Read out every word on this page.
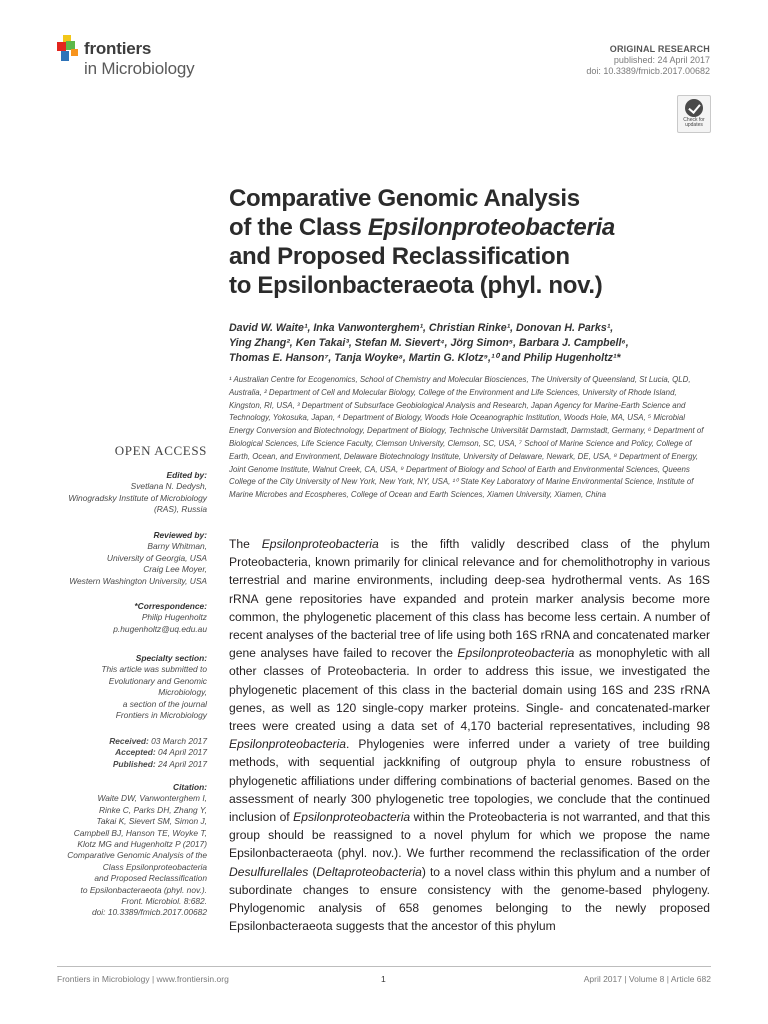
frontiers
in Microbiology
ORIGINAL RESEARCH
published: 24 April 2017
doi: 10.3389/fmicb.2017.00682
Check for updates
Comparative Genomic Analysis
of the Class Epsilonproteobacteria
and Proposed Reclassification
to Epsilonbacteraeota (phyl. nov.)
David W. Waite¹, Inka Vanwonterghem¹, Christian Rinke¹, Donovan H. Parks¹,
Ying Zhang², Ken Takai³, Stefan M. Sievert⁴, Jörg Simon⁵, Barbara J. Campbell⁶,
Thomas E. Hanson⁷, Tanja Woyke⁸, Martin G. Klotz⁹,¹⁰ and Philip Hugenholtz¹*
¹ Australian Centre for Ecogenomics, School of Chemistry and Molecular Biosciences, The University of Queensland, St Lucia, QLD, Australia, ² Department of Cell and Molecular Biology, College of the Environment and Life Sciences, University of Rhode Island, Kingston, RI, USA, ³ Department of Subsurface Geobiological Analysis and Research, Japan Agency for Marine-Earth Science and Technology, Yokosuka, Japan, ⁴ Department of Biology, Woods Hole Oceanographic Institution, Woods Hole, MA, USA, ⁵ Microbial Energy Conversion and Biotechnology, Department of Biology, Technische Universität Darmstadt, Darmstadt, Germany, ⁶ Department of Biological Sciences, Life Science Faculty, Clemson University, Clemson, SC, USA, ⁷ School of Marine Science and Policy, College of Earth, Ocean, and Environment, Delaware Biotechnology Institute, University of Delaware, Newark, DE, USA, ⁸ Department of Energy, Joint Genome Institute, Walnut Creek, CA, USA, ⁹ Department of Biology and School of Earth and Environmental Sciences, Queens College of the City University of New York, New York, NY, USA, ¹⁰ State Key Laboratory of Marine Environmental Science, Institute of Marine Microbes and Ecospheres, College of Ocean and Earth Sciences, Xiamen University, Xiamen, China
OPEN ACCESS
Edited by:
Svetlana N. Dedysh,
Winogradsky Institute of Microbiology
(RAS), Russia
Reviewed by:
Barny Whitman,
University of Georgia, USA
Craig Lee Moyer,
Western Washington University, USA
*Correspondence:
Philip Hugenholtz
p.hugenholtz@uq.edu.au
Specialty section:
This article was submitted to
Evolutionary and Genomic
Microbiology,
a section of the journal
Frontiers in Microbiology
Received: 03 March 2017
Accepted: 04 April 2017
Published: 24 April 2017
Citation:
Waite DW, Vanwonterghem I,
Rinke C, Parks DH, Zhang Y,
Takai K, Sievert SM, Simon J,
Campbell BJ, Hanson TE, Woyke T,
Klotz MG and Hugenholtz P (2017)
Comparative Genomic Analysis of the
Class Epsilonproteobacteria
and Proposed Reclassification
to Epsilonbacteraeota (phyl. nov.).
Front. Microbiol. 8:682.
doi: 10.3389/fmicb.2017.00682
The Epsilonproteobacteria is the fifth validly described class of the phylum Proteobacteria, known primarily for clinical relevance and for chemolithotrophy in various terrestrial and marine environments, including deep-sea hydrothermal vents. As 16S rRNA gene repositories have expanded and protein marker analysis become more common, the phylogenetic placement of this class has become less certain. A number of recent analyses of the bacterial tree of life using both 16S rRNA and concatenated marker gene analyses have failed to recover the Epsilonproteobacteria as monophyletic with all other classes of Proteobacteria. In order to address this issue, we investigated the phylogenetic placement of this class in the bacterial domain using 16S and 23S rRNA genes, as well as 120 single-copy marker proteins. Single- and concatenated-marker trees were created using a data set of 4,170 bacterial representatives, including 98 Epsilonproteobacteria. Phylogenies were inferred under a variety of tree building methods, with sequential jackknifing of outgroup phyla to ensure robustness of phylogenetic affiliations under differing combinations of bacterial genomes. Based on the assessment of nearly 300 phylogenetic tree topologies, we conclude that the continued inclusion of Epsilonproteobacteria within the Proteobacteria is not warranted, and that this group should be reassigned to a novel phylum for which we propose the name Epsilonbacteraeota (phyl. nov.). We further recommend the reclassification of the order Desulfurellales (Deltaproteobacteria) to a novel class within this phylum and a number of subordinate changes to ensure consistency with the genome-based phylogeny. Phylogenomic analysis of 658 genomes belonging to the newly proposed Epsilonbacteraeota suggests that the ancestor of this phylum
Frontiers in Microbiology | www.frontiersin.org	1	April 2017 | Volume 8 | Article 682
